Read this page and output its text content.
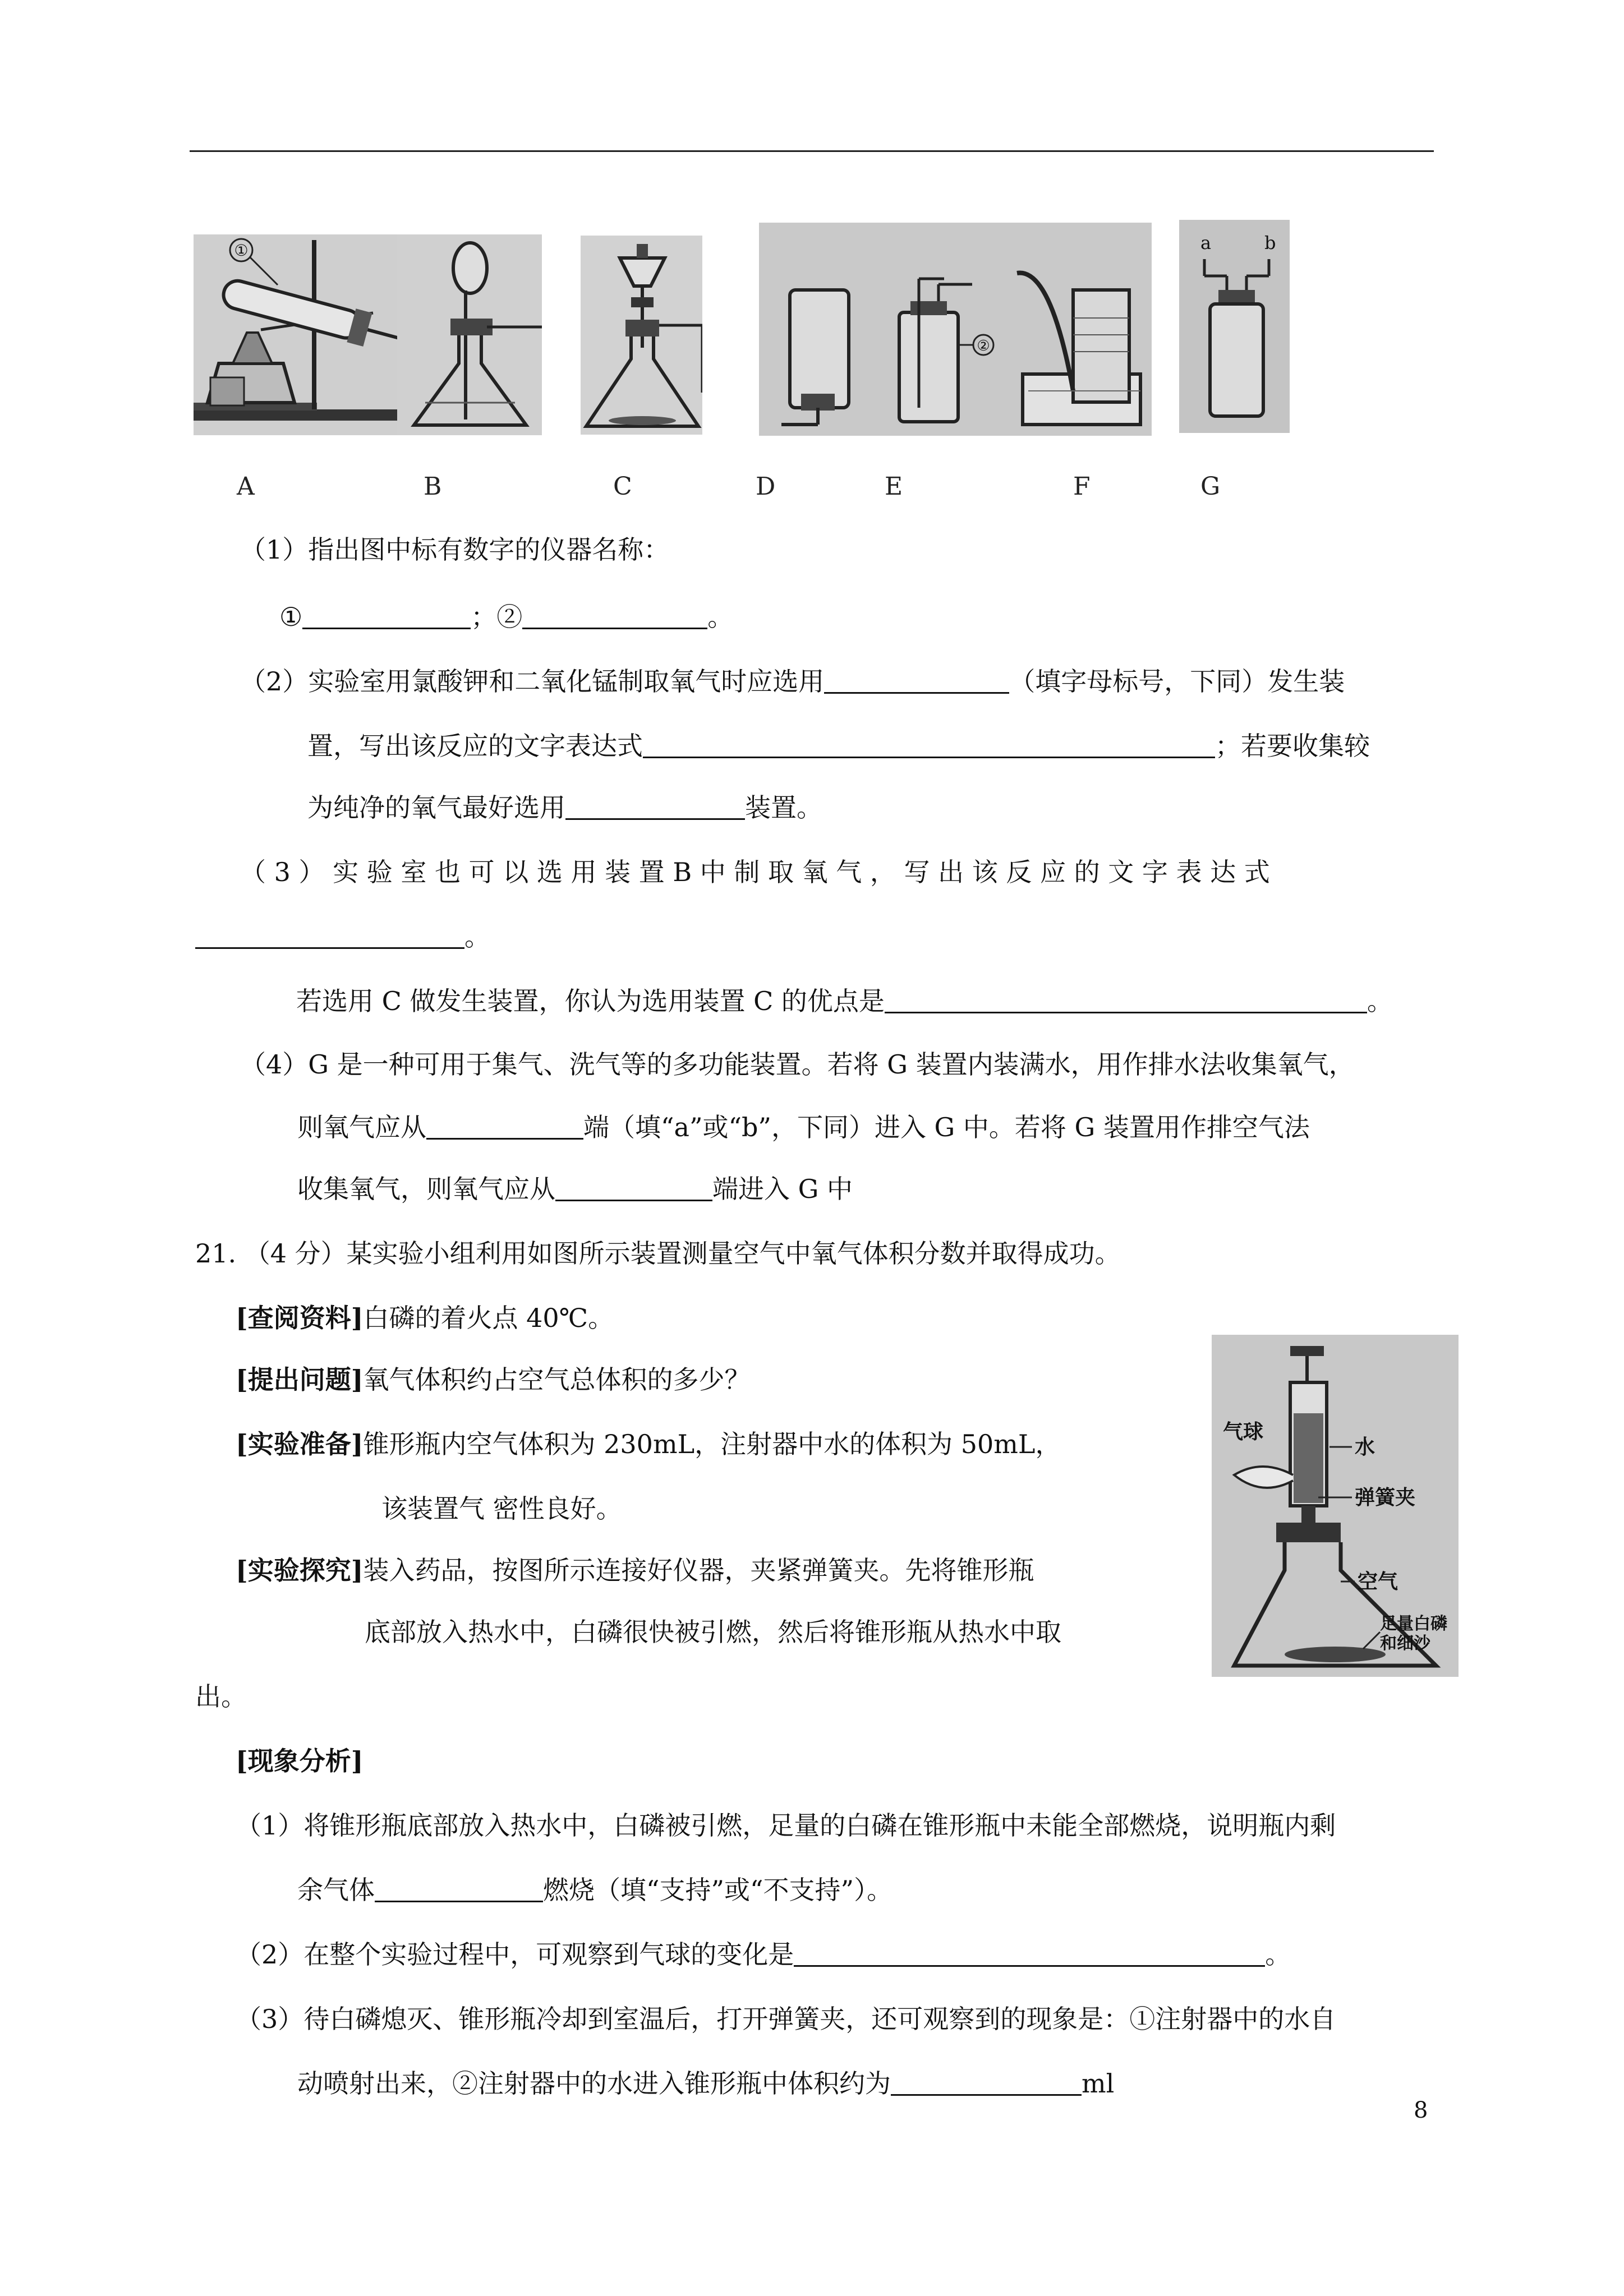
①
②
a	b
A	B	C	D	E	F	G
（1）指出图中标有数字的仪器名称：
①	；②	。
（2）实验室用氯酸钾和二氧化锰制取氧气时应选用	（填字母标号，下同）发生装
置，写出该反应的文字表达式	；若要收集较
为纯净的氧气最好选用	装置。
（ 3 ） 实 验 室 也 可 以 选 用 装 置 B 中 制 取 氧 气 ， 写 出 该 反 应 的 文 字 表 达 式
。
若选用 C 做发生装置，你认为选用装置 C 的优点是	。
（4）G 是一种可用于集气、洗气等的多功能装置。若将 G 装置内装满水，用作排水法收集氧气，
则氧气应从	端（填“a”或“b”，下同）进入 G 中。若将 G 装置用作排空气法
收集氧气，则氧气应从	端进入 G 中
21. （4 分）某实验小组利用如图所示装置测量空气中氧气体积分数并取得成功。
[查阅资料]白磷的着火点 40℃。
[提出问题]氧气体积约占空气总体积的多少？
[实验准备]锥形瓶内空气体积为 230mL，注射器中水的体积为 50mL，
该装置气 密性良好。
[实验探究]装入药品，按图所示连接好仪器，夹紧弹簧夹。先将锥形瓶
底部放入热水中，白磷很快被引燃，然后将锥形瓶从热水中取
出。
[现象分析]
（1）将锥形瓶底部放入热水中，白磷被引燃，足量的白磷在锥形瓶中未能全部燃烧，说明瓶内剩
余气体	燃烧（填“支持”或“不支持”）。
（2）在整个实验过程中，可观察到气球的变化是	。
（3）待白磷熄灭、锥形瓶冷却到室温后，打开弹簧夹，还可观察到的现象是：①注射器中的水自
动喷射出来，②注射器中的水进入锥形瓶中体积约为	ml
气球
水
弹簧夹
空气
足量白磷
和细沙
8
